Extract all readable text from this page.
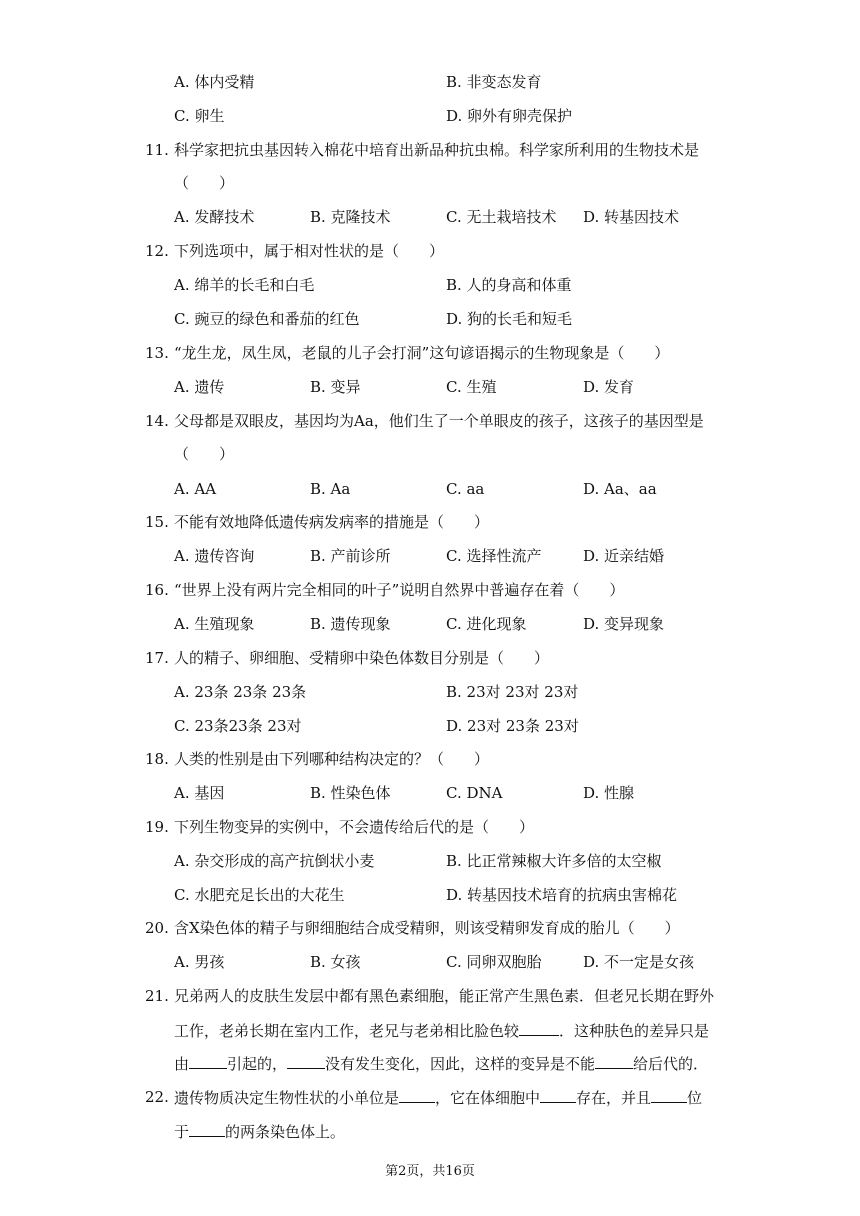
A. 体内受精	B. 非变态发育
C. 卵生	D. 卵外有卵壳保护
11. 科学家把抗虫基因转入棉花中培育出新品种抗虫棉。科学家所利用的生物技术是
（　　）
A. 发酵技术	B. 克隆技术	C. 无土栽培技术 D. 转基因技术
12. 下列选项中，属于相对性状的是（　　）
A. 绵羊的长毛和白毛	B. 人的身高和体重
C. 豌豆的绿色和番茄的红色	D. 狗的长毛和短毛
13. “龙生龙，凤生凤，老鼠的儿子会打洞”这句谚语揭示的生物现象是（　　）
A. 遗传	B. 变异	C. 生殖	D. 发育
14. 父母都是双眼皮，基因均为Aa，他们生了一个单眼皮的孩子，这孩子的基因型是
（　　）
A. AA	B. Aa	C. aa	D. Aa、aa
15. 不能有效地降低遗传病发病率的措施是（　　）
A. 遗传咨询	B. 产前诊所	C. 选择性流产	D. 近亲结婚
16. “世界上没有两片完全相同的叶子”说明自然界中普遍存在着（　　）
A. 生殖现象	B. 遗传现象	C. 进化现象	D. 变异现象
17. 人的精子、卵细胞、受精卵中染色体数目分别是（　　）
A. 23条 23条 23条	B. 23对 23对 23对
C. 23条23条 23对	D. 23对 23条 23对
18. 人类的性别是由下列哪种结构决定的？（　　）
A. 基因	B. 性染色体	C. DNA	D. 性腺
19. 下列生物变异的实例中，不会遗传给后代的是（　　）
A. 杂交形成的高产抗倒状小麦	B. 比正常辣椒大许多倍的太空椒
C. 水肥充足长出的大花生	D. 转基因技术培育的抗病虫害棉花
20. 含X染色体的精子与卵细胞结合成受精卵，则该受精卵发育成的胎儿（　　）
A. 男孩	B. 女孩	C. 同卵双胞胎	D. 不一定是女孩
21. 兄弟两人的皮肤生发层中都有黑色素细胞，能正常产生黑色素．但老兄长期在野外
工作，老弟长期在室内工作，老兄与老弟相比脸色较	．这种肤色的差异只是
由	引起的，	没有发生变化，因此，这样的变异是不能	给后代的．
22. 遗传物质决定生物性状的小单位是 ，它在体细胞中 存在，并且 位
于 的两条染色体上。
第2页，共16页
